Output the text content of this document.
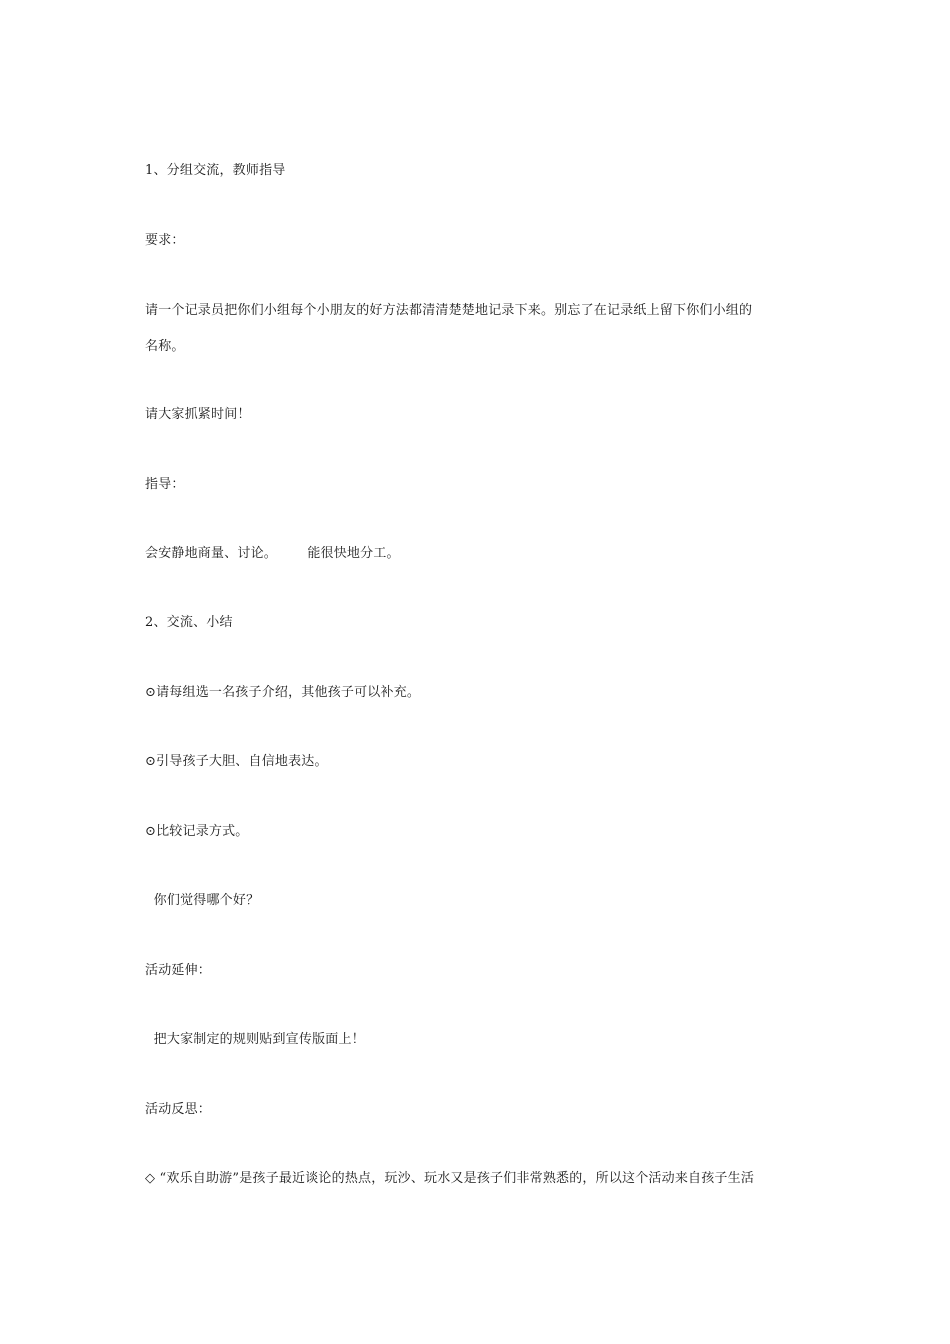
1、分组交流，教师指导
要求：
请一个记录员把你们小组每个小朋友的好方法都清清楚楚地记录下来。别忘了在记录纸上留下你们小组的
名称。
请大家抓紧时间！
指导：
会安静地商量、讨论。       能很快地分工。
2、交流、小结
⊙请每组选一名孩子介绍，其他孩子可以补充。
⊙引导孩子大胆、自信地表达。
⊙比较记录方式。
你们觉得哪个好？
活动延伸：
把大家制定的规则贴到宣传版面上！
活动反思：
◇ “欢乐自助游”是孩子最近谈论的热点，玩沙、玩水又是孩子们非常熟悉的，所以这个活动来自孩子生活
